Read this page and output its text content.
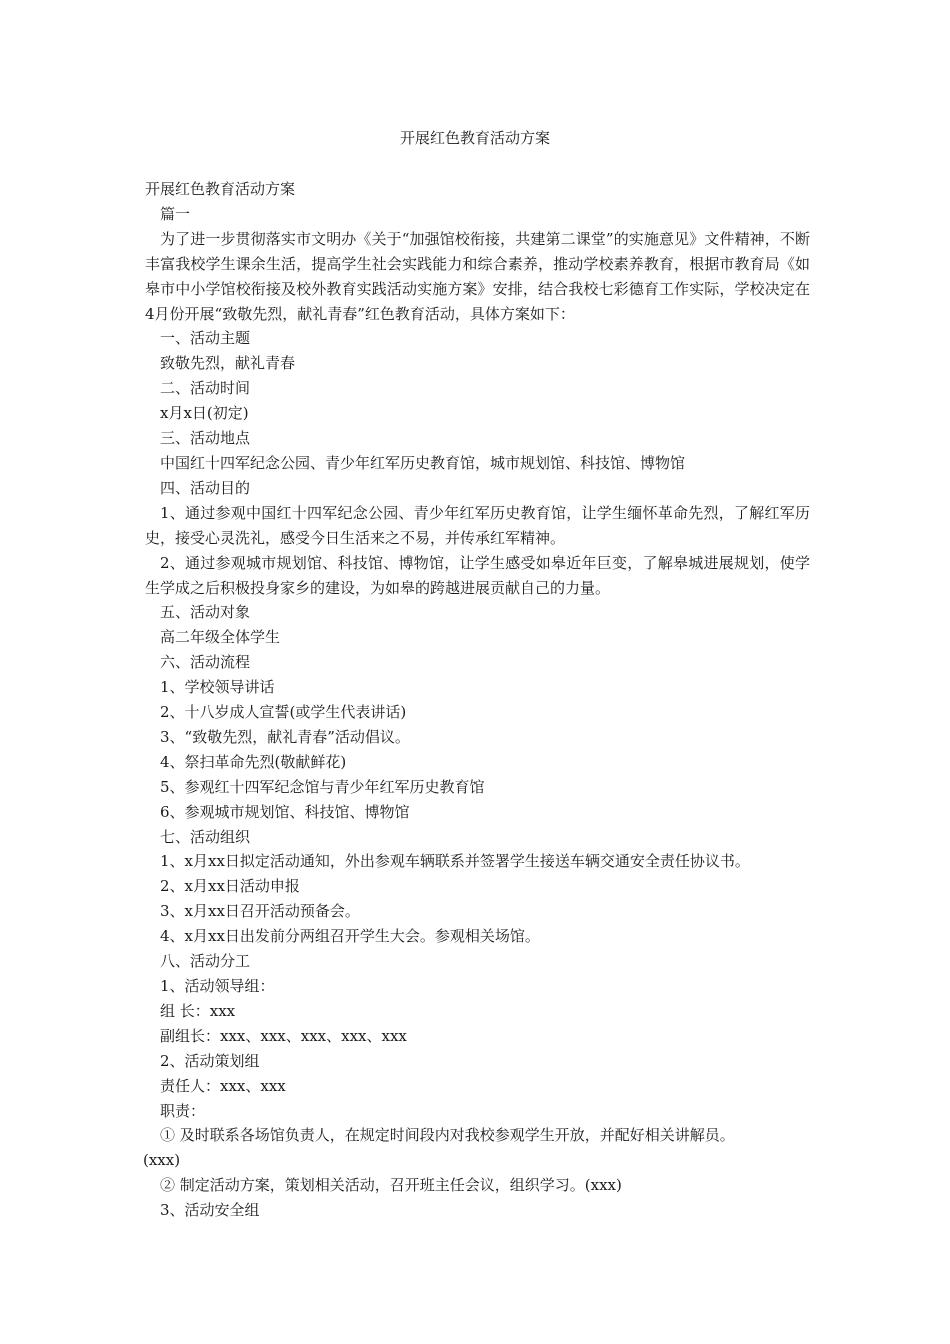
开展红色教育活动方案
开展红色教育活动方案
篇一
为了进一步贯彻落实市文明办《关于“加强馆校衔接，共建第二课堂”的实施意见》文件精神，不断丰富我校学生课余生活，提高学生社会实践能力和综合素养，推动学校素养教育，根据市教育局《如皋市中小学馆校衔接及校外教育实践活动实施方案》安排，结合我校七彩德育工作实际，学校决定在4月份开展“致敬先烈，献礼青春”红色教育活动，具体方案如下：
一、活动主题
致敬先烈，献礼青春
二、活动时间
x月x日(初定)
三、活动地点
中国红十四军纪念公园、青少年红军历史教育馆，城市规划馆、科技馆、博物馆
四、活动目的
1、通过参观中国红十四军纪念公园、青少年红军历史教育馆，让学生缅怀革命先烈，了解红军历史，接受心灵洗礼，感受今日生活来之不易，并传承红军精神。
2、通过参观城市规划馆、科技馆、博物馆，让学生感受如皋近年巨变，了解皋城进展规划，使学生学成之后积极投身家乡的建设，为如皋的跨越进展贡献自己的力量。
五、活动对象
高二年级全体学生
六、活动流程
1、学校领导讲话
2、十八岁成人宣誓(或学生代表讲话)
3、“致敬先烈，献礼青春”活动倡议。
4、祭扫革命先烈(敬献鲜花)
5、参观红十四军纪念馆与青少年红军历史教育馆
6、参观城市规划馆、科技馆、博物馆
七、活动组织
1、x月xx日拟定活动通知，外出参观车辆联系并签署学生接送车辆交通安全责任协议书。
2、x月xx日活动申报
3、x月xx日召开活动预备会。
4、x月xx日出发前分两组召开学生大会。参观相关场馆。
八、活动分工
1、活动领导组：
组 长：xxx
副组长：xxx、xxx、xxx、xxx、xxx
2、活动策划组
责任人：xxx、xxx
职责：
① 及时联系各场馆负责人，在规定时间段内对我校参观学生开放，并配好相关讲解员。
(xxx)
② 制定活动方案，策划相关活动，召开班主任会议，组织学习。(xxx)
3、活动安全组
